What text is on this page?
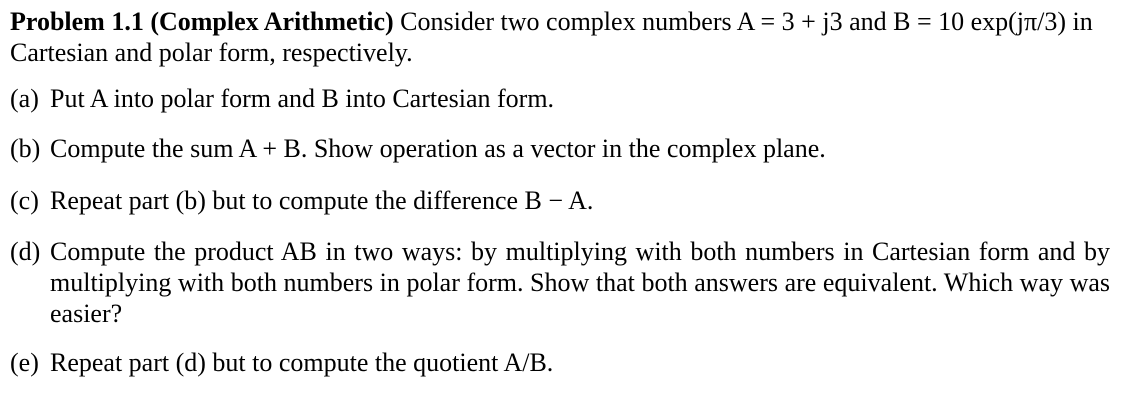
Problem 1.1 (Complex Arithmetic) Consider two complex numbers A = 3 + j3 and B = 10 exp(jπ/3) in Cartesian and polar form, respectively.

(a) Put A into polar form and B into Cartesian form.
(b) Compute the sum A + B. Show operation as a vector in the complex plane.
(c) Repeat part (b) but to compute the difference B − A.
(d) Compute the product AB in two ways: by multiplying with both numbers in Cartesian form and by multiplying with both numbers in polar form. Show that both answers are equivalent. Which way was easier?
(e) Repeat part (d) but to compute the quotient A/B.
